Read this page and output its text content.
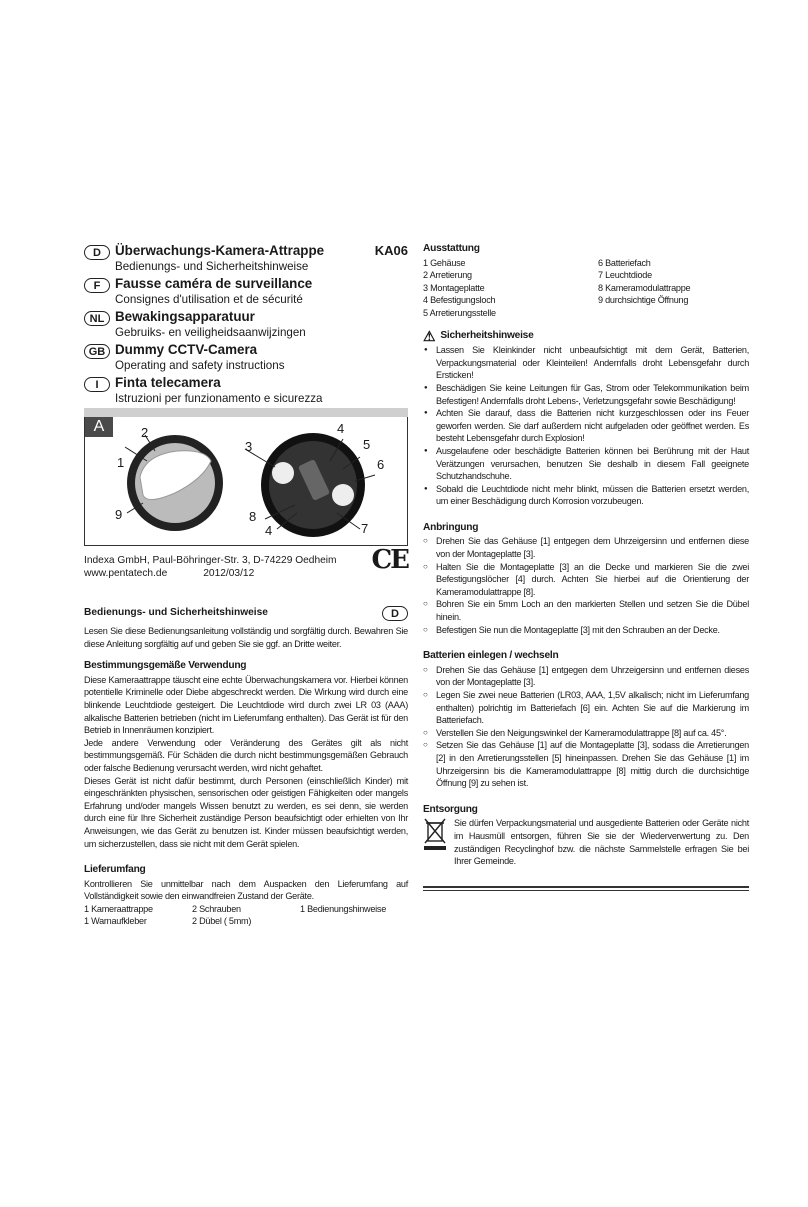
D	Überwachungs-Kamera-Attrappe	KA06
Bedienungs- und Sicherheitshinweise
F	Fausse caméra de surveillance
Consignes d'utilisation et de sécurité
NL Bewakingsapparatuur
Gebruiks- en veiligheidsaanwijzingen
GB Dummy CCTV-Camera
Operating and safety instructions
I	Finta telecamera
Istruzioni per funzionamento e sicurezza
A
1
2
9
3
4
5
6
8
4	7
Indexa GmbH, Paul-Böhringer-Str. 3, D-74229 Oedheim
www.pentatech.de	2012/03/12	CE
Bedienungs- und Sicherheitshinweise	D

Lesen Sie diese Bedienungsanleitung vollständig und sorgfältig durch. Bewahren Sie diese Anleitung sorgfältig auf und geben Sie sie ggf. an Dritte weiter.

Bestimmungsgemäße Verwendung

Diese Kameraattrappe täuscht eine echte Überwachungskamera vor. Hierbei können potentielle Kriminelle oder Diebe abgeschreckt werden. Die Wirkung wird durch eine blinkende Leuchtdiode gesteigert. Die Leuchtdiode wird durch zwei LR 03 (AAA) alkalische Batterien betrieben (nicht im Lieferumfang enthalten). Das Gerät ist für den Betrieb in Innenräumen konzipiert.

Jede andere Verwendung oder Veränderung des Gerätes gilt als nicht bestimmungsgemäß. Für Schäden die durch nicht bestimmungsgemäßen Gebrauch oder falsche Bedienung verursacht werden, wird nicht gehaftet.

Dieses Gerät ist nicht dafür bestimmt, durch Personen (einschließlich Kinder) mit eingeschränkten physischen, sensorischen oder geistigen Fähigkeiten oder mangels Erfahrung und/oder mangels Wissen benutzt zu werden, es sei denn, sie werden durch eine für Ihre Sicherheit zuständige Person beaufsichtigt oder erhielten von Ihr Anweisungen, wie das Gerät zu benutzen ist. Kinder müssen beaufsichtigt werden, um sicherzustellen, dass sie nicht mit dem Gerät spielen.

Lieferumfang

Kontrollieren Sie unmittelbar nach dem Auspacken den Lieferumfang auf Vollständigkeit sowie den einwandfreien Zustand der Geräte.

1 Kameraattrappe	2 Schrauben	1 Bedienungshinweise
1 Warnaufkleber	2 Dübel ( 5mm)
Ausstattung
1 Gehäuse	6 Batteriefach
2 Arretierung	7 Leuchtdiode
3 Montageplatte	8 Kameramodulattrappe
4 Befestigungsloch	9 durchsichtige Öffnung
5 Arretierungsstelle
⚠ Sicherheitshinweise
● Lassen Sie Kleinkinder nicht unbeaufsichtigt mit dem Gerät, Batterien, Verpackungsmaterial oder Kleinteilen! Andernfalls droht Lebensgefahr durch Ersticken!
● Beschädigen Sie keine Leitungen für Gas, Strom oder Telekommunikation beim Befestigen! Andernfalls droht Lebens-, Verletzungsgefahr sowie Beschädigung!
● Achten Sie darauf, dass die Batterien nicht kurzgeschlossen oder ins Feuer geworfen werden. Sie darf außerdem nicht aufgeladen oder geöffnet werden. Es besteht Lebensgefahr durch Explosion!
● Ausgelaufene oder beschädigte Batterien können bei Berührung mit der Haut Verätzungen verursachen, benutzen Sie deshalb in diesem Fall geeignete Schutzhandschuhe.
● Sobald die Leuchtdiode nicht mehr blinkt, müssen die Batterien ersetzt werden, um einer Beschädigung durch Korrosion vorzubeugen.
Anbringung
○ Drehen Sie das Gehäuse [1] entgegen dem Uhrzeigersinn und entfernen diese von der Montageplatte [3].
○ Halten Sie die Montageplatte [3] an die Decke und markieren Sie die zwei Befestigungslöcher [4] durch. Achten Sie hierbei auf die Orientierung der Kameramodulattrappe [8].
○ Bohren Sie ein 5mm Loch an den markierten Stellen und setzen Sie die Dübel hinein.
○ Befestigen Sie nun die Montageplatte [3] mit den Schrauben an der Decke.
Batterien einlegen / wechseln
○ Drehen Sie das Gehäuse [1] entgegen dem Uhrzeigersinn und entfernen dieses von der Montageplatte [3].
○ Legen Sie zwei neue Batterien (LR03, AAA, 1,5V alkalisch; nicht im Lieferumfang enthalten) polrichtig im Batteriefach [6] ein. Achten Sie auf die Markierung im Batteriefach.
○ Verstellen Sie den Neigungswinkel der Kameramodulattrappe [8] auf ca. 45°.
○ Setzen Sie das Gehäuse [1] auf die Montageplatte [3], sodass die Arretierungen [2] in den Arretierungsstellen [5] hineinpassen. Drehen Sie das Gehäuse [1] im Uhrzeigersinn bis die Kameramodulattrappe [8] mittig durch die durchsichtige Öffnung [9] zu sehen ist.
Entsorgung

Sie dürfen Verpackungsmaterial und ausgediente Batterien oder Geräte nicht im Hausmüll entsorgen, führen Sie sie der Wiederverwertung zu. Den zuständigen Recyclinghof bzw. die nächste Sammelstelle erfragen Sie bei Ihrer Gemeinde.
